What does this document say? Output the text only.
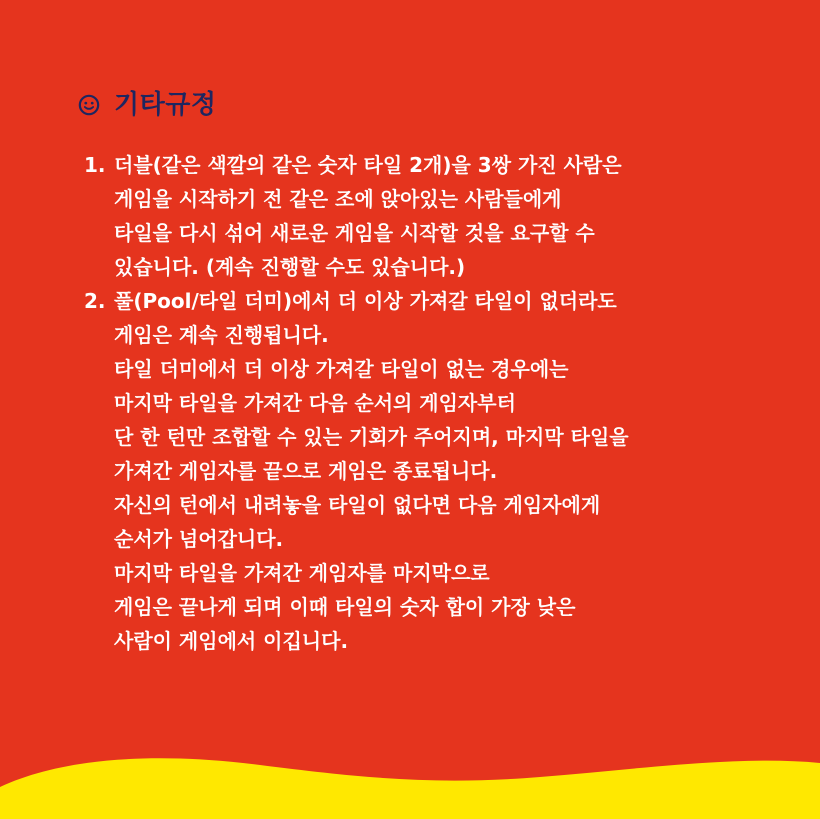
기타규정
1. 더블(같은 색깔의 같은 숫자 타일 2개)을 3쌍 가진 사람은
게임을 시작하기 전 같은 조에 앉아있는 사람들에게
타일을 다시 섞어 새로운 게임을 시작할 것을 요구할 수
있습니다. (계속 진행할 수도 있습니다.)
2. 풀(Pool/타일 더미)에서 더 이상 가져갈 타일이 없더라도
게임은 계속 진행됩니다.
타일 더미에서 더 이상 가져갈 타일이 없는 경우에는
마지막 타일을 가져간 다음 순서의 게임자부터
단 한 턴만 조합할 수 있는 기회가 주어지며, 마지막 타일을
가져간 게임자를 끝으로 게임은 종료됩니다.
자신의 턴에서 내려놓을 타일이 없다면 다음 게임자에게
순서가 넘어갑니다.
마지막 타일을 가져간 게임자를 마지막으로
게임은 끝나게 되며 이때 타일의 숫자 합이 가장 낮은
사람이 게임에서 이깁니다.
